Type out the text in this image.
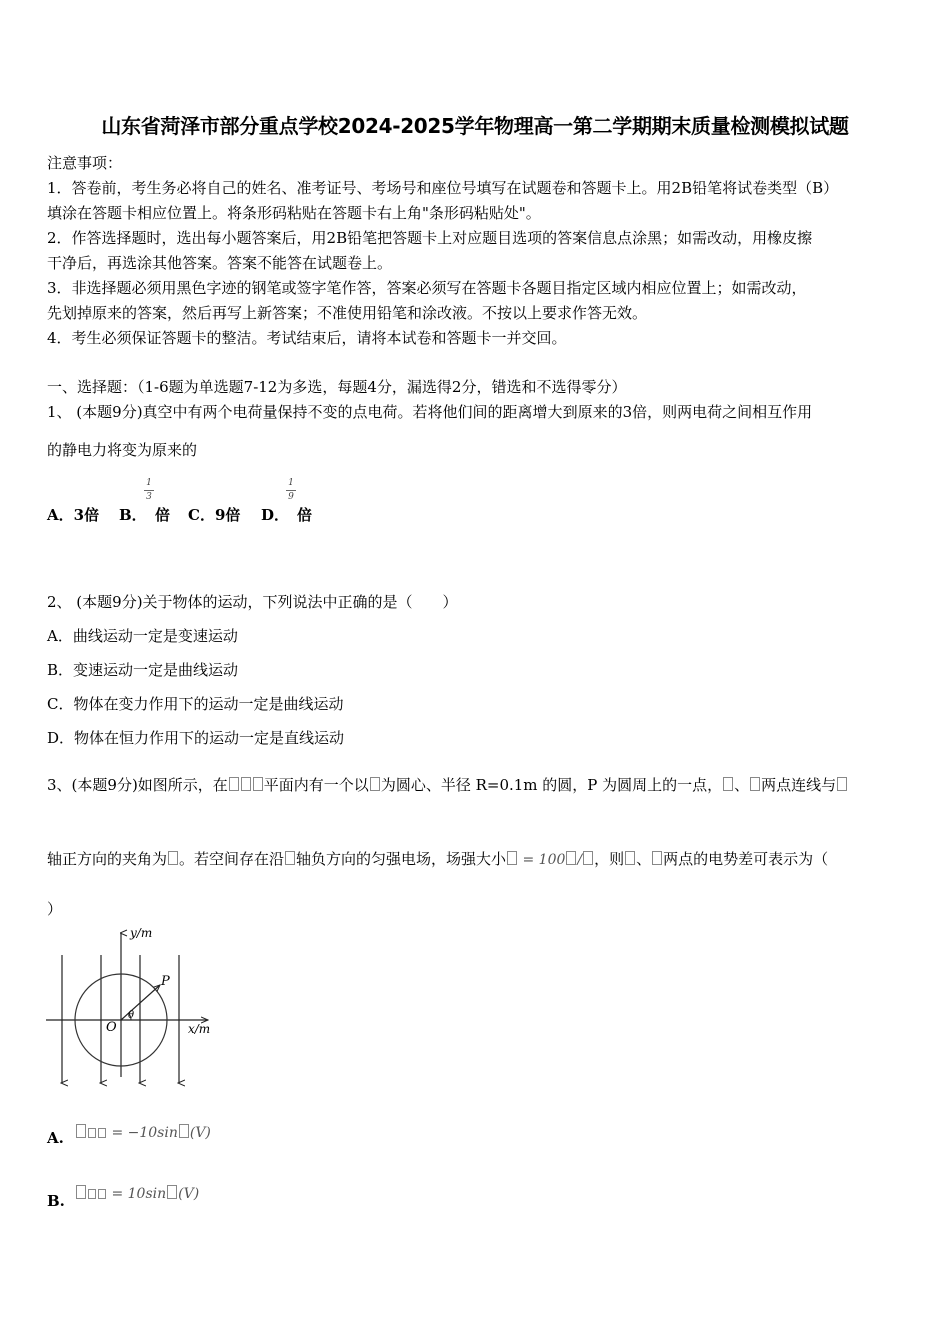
山东省菏泽市部分重点学校2024-2025学年物理高一第二学期期末质量检测模拟试题
注意事项：
1．答卷前，考生务必将自己的姓名、准考证号、考场号和座位号填写在试题卷和答题卡上。用2B铅笔将试卷类型（B）
填涂在答题卡相应位置上。将条形码粘贴在答题卡右上角"条形码粘贴处"。
2．作答选择题时，选出每小题答案后，用2B铅笔把答题卡上对应题目选项的答案信息点涂黑；如需改动，用橡皮擦
干净后，再选涂其他答案。答案不能答在试题卷上。
3．非选择题必须用黑色字迹的钢笔或签字笔作答，答案必须写在答题卡各题目指定区域内相应位置上；如需改动，
先划掉原来的答案，然后再写上新答案；不准使用铅笔和涂改液。不按以上要求作答无效。
4．考生必须保证答题卡的整洁。考试结束后，请将本试卷和答题卡一并交回。
一、选择题：（1-6题为单选题7-12为多选，每题4分，漏选得2分，错选和不选得零分）
1、 (本题9分)真空中有两个电荷量保持不变的点电荷。若将他们间的距离增大到原来的3倍，则两电荷之间相互作用
的静电力将变为原来的
A．3倍 B．
1
3
倍 C．9倍 D．
1
9
倍
2、 (本题9分)关于物体的运动，下列说法中正确的是（　　）
A．曲线运动一定是变速运动
B．变速运动一定是曲线运动
C．物体在变力作用下的运动一定是曲线运动
D．物体在恒力作用下的运动一定是直线运动
3、(本题9分)如图所示，在 平面内有一个以 为圆心、半径 R=0.1m 的圆，P 为圆周上的一点， 、 两点连线与
轴正方向的夹角为 。若空间存在沿 轴负方向的匀强电场，场强大小 = 100 / ，则 、 两点的电势差可表示为（
）
y/m
x/m
P
O
θ
A.	= −10sin (V)
B.	= 10sin (V)
